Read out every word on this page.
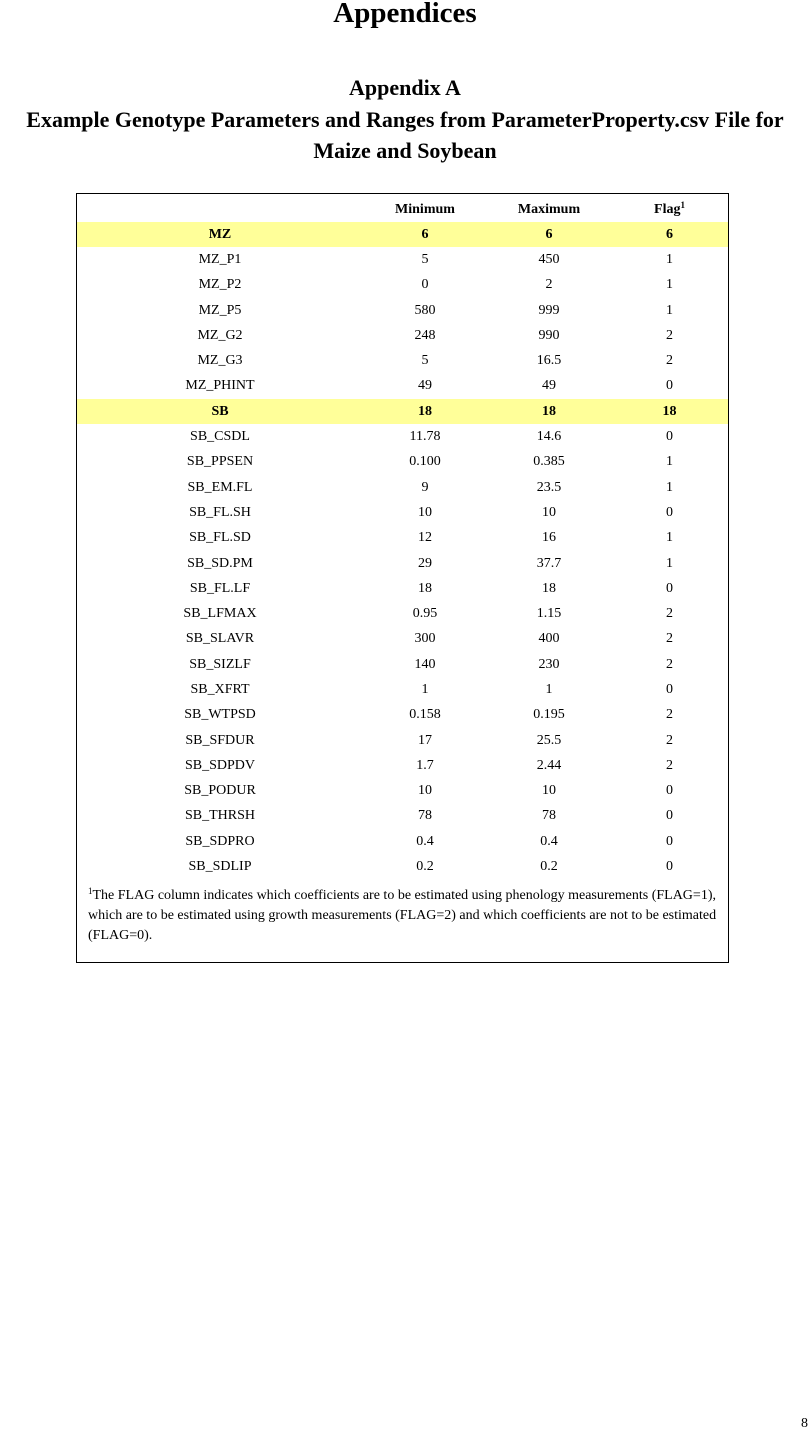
Appendices
Appendix A
Example Genotype Parameters and Ranges from ParameterProperty.csv File for
Maize and Soybean
	Minimum	Maximum	Flag$^1$
MZ	6	6	6
MZ_P1	5	450	1
MZ_P2	0	2	1
MZ_P5	580	999	1
MZ_G2	248	990	2
MZ_G3	5	16.5	2
MZ_PHINT	49	49	0
SB	18	18	18
SB_CSDL	11.78	14.6	0
SB_PPSEN	0.100	0.385	1
SB_EM.FL	9	23.5	1
SB_FL.SH	10	10	0
SB_FL.SD	12	16	1
SB_SD.PM	29	37.7	1
SB_FL.LF	18	18	0
SB_LFMAX	0.95	1.15	2
SB_SLAVR	300	400	2
SB_SIZLF	140	230	2
SB_XFRT	1	1	0
SB_WTPSD	0.158	0.195	2
SB_SFDUR	17	25.5	2
SB_SDPDV	1.7	2.44	2
SB_PODUR	10	10	0
SB_THRSH	78	78	0
SB_SDPRO	0.4	0.4	0
SB_SDLIP	0.2	0.2	0

$^1$The FLAG column indicates which coefficients are to be estimated using phenology measurements (FLAG=1), which are to be estimated using growth measurements (FLAG=2) and which coefficients are not to be estimated (FLAG=0).

8
